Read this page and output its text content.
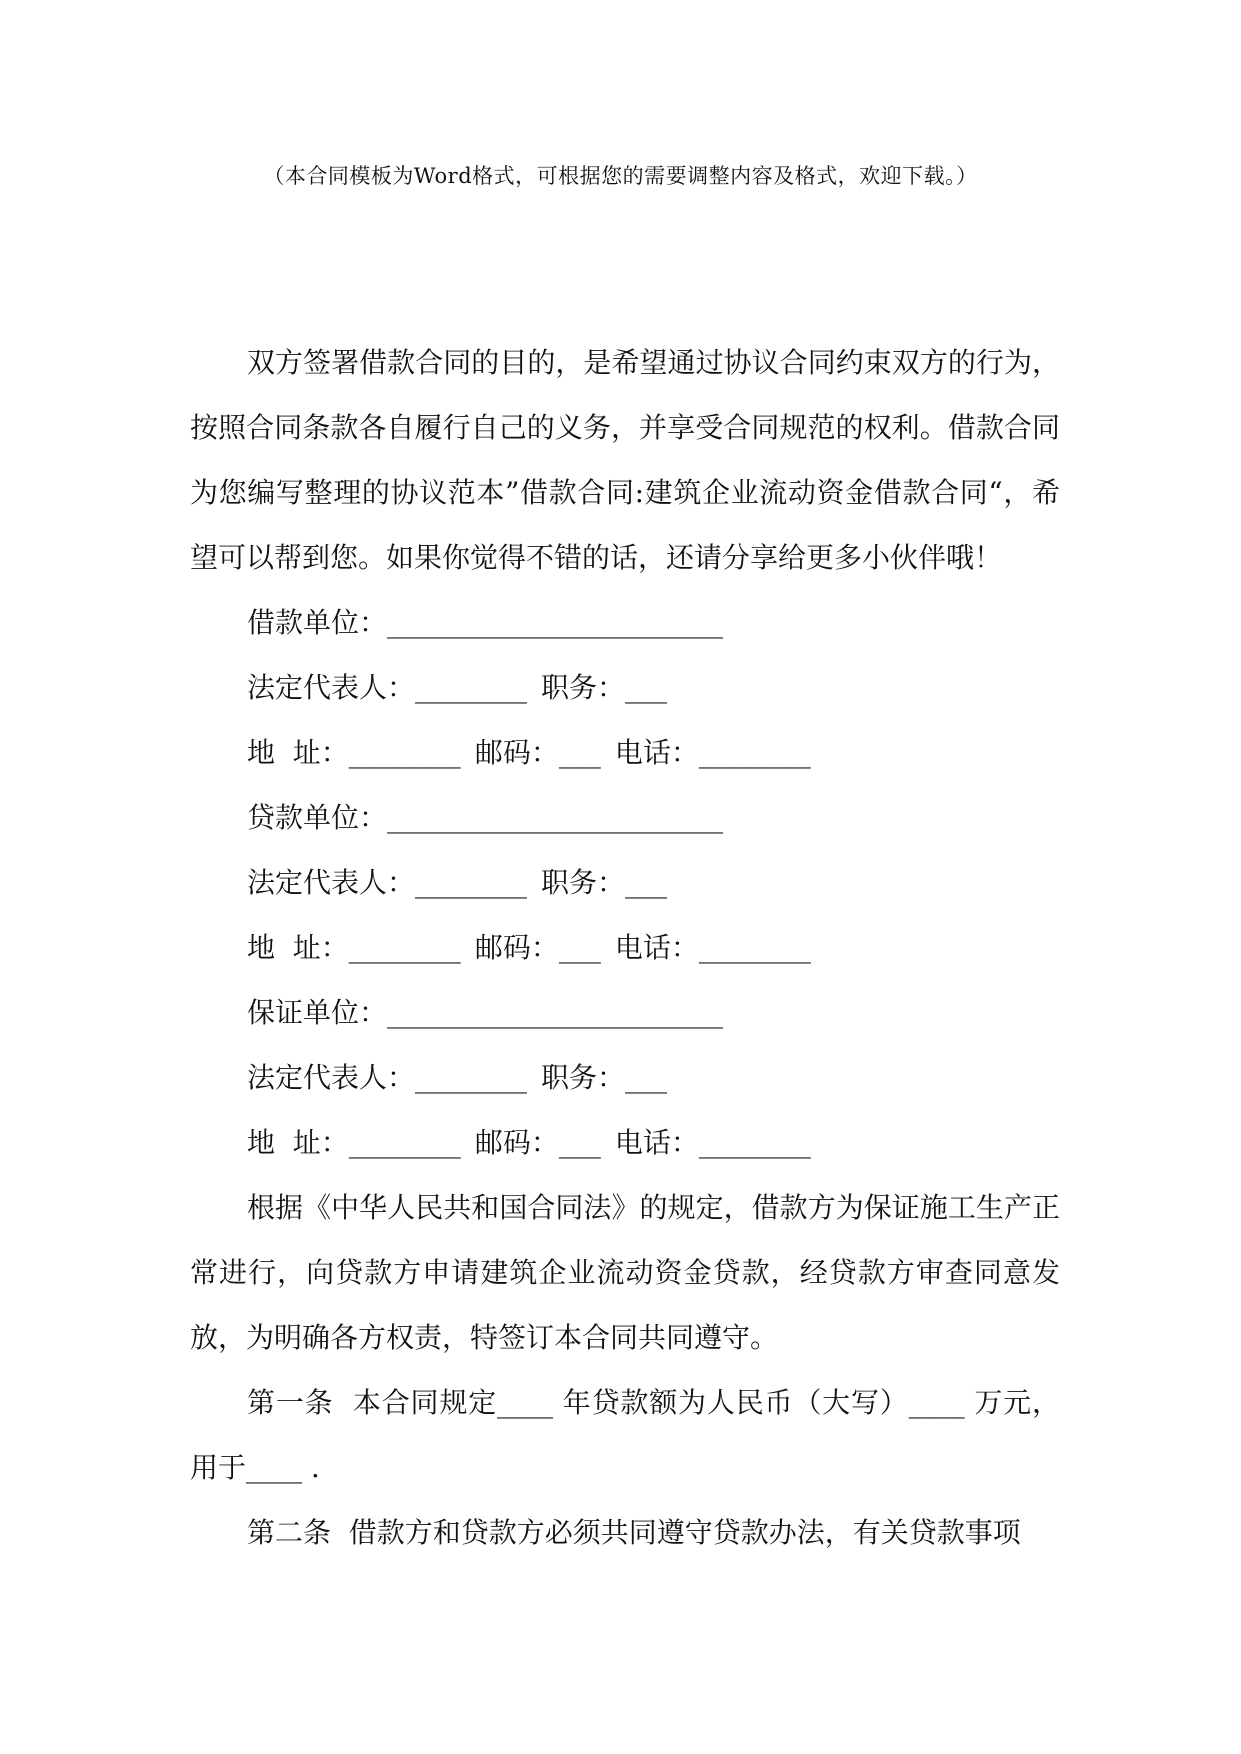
（本合同模板为Word格式，可根据您的需要调整内容及格式，欢迎下载。）

双方签署借款合同的目的，是希望通过协议合同约束双方的行为，按照合同条款各自履行自己的义务，并享受合同规范的权利。借款合同为您编写整理的协议范本”借款合同:建筑企业流动资金借款合同“，希望可以帮到您。如果你觉得不错的话，还请分享给更多小伙伴哦！

借款单位：________________________

法定代表人：________ 职务：___

地  址：________ 邮码：___ 电话：________

贷款单位：________________________

法定代表人：________ 职务：___

地  址：________ 邮码：___ 电话：________

保证单位：________________________

法定代表人：________ 职务：___

地  址：________ 邮码：___ 电话：________

根据《中华人民共和国合同法》的规定，借款方为保证施工生产正常进行，向贷款方申请建筑企业流动资金贷款，经贷款方审查同意发放，为明确各方权责，特签订本合同共同遵守。

第一条  本合同规定____ 年贷款额为人民币（大写）____ 万元，用于____ .

第二条  借款方和贷款方必须共同遵守贷款办法，有关贷款事项
